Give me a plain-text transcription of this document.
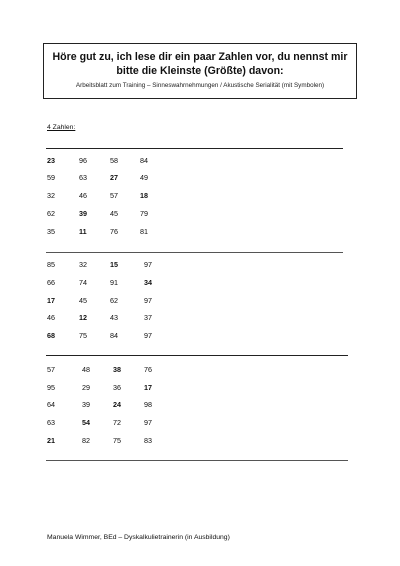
Höre gut zu, ich lese dir ein paar Zahlen vor, du nennst mir bitte die Kleinste (Größte) davon:
Arbeitsblatt zum Training – Sinneswahrnehmungen / Akustische Serialität (mit Symbolen)
4 Zahlen:
23	96	58	84
59	63	27	49
32	46	57	18
62	39	45	79
35	11	76	81
85	32	15	97
66	74	91	34
17	45	62	97
46	12	43	37
68	75	84	97
57	48	38	76
95	29	36	17
64	39	24	98
63	54	72	97
21	82	75	83
Manuela Wimmer, BEd – Dyskalkulietrainerin (in Ausbildung)
